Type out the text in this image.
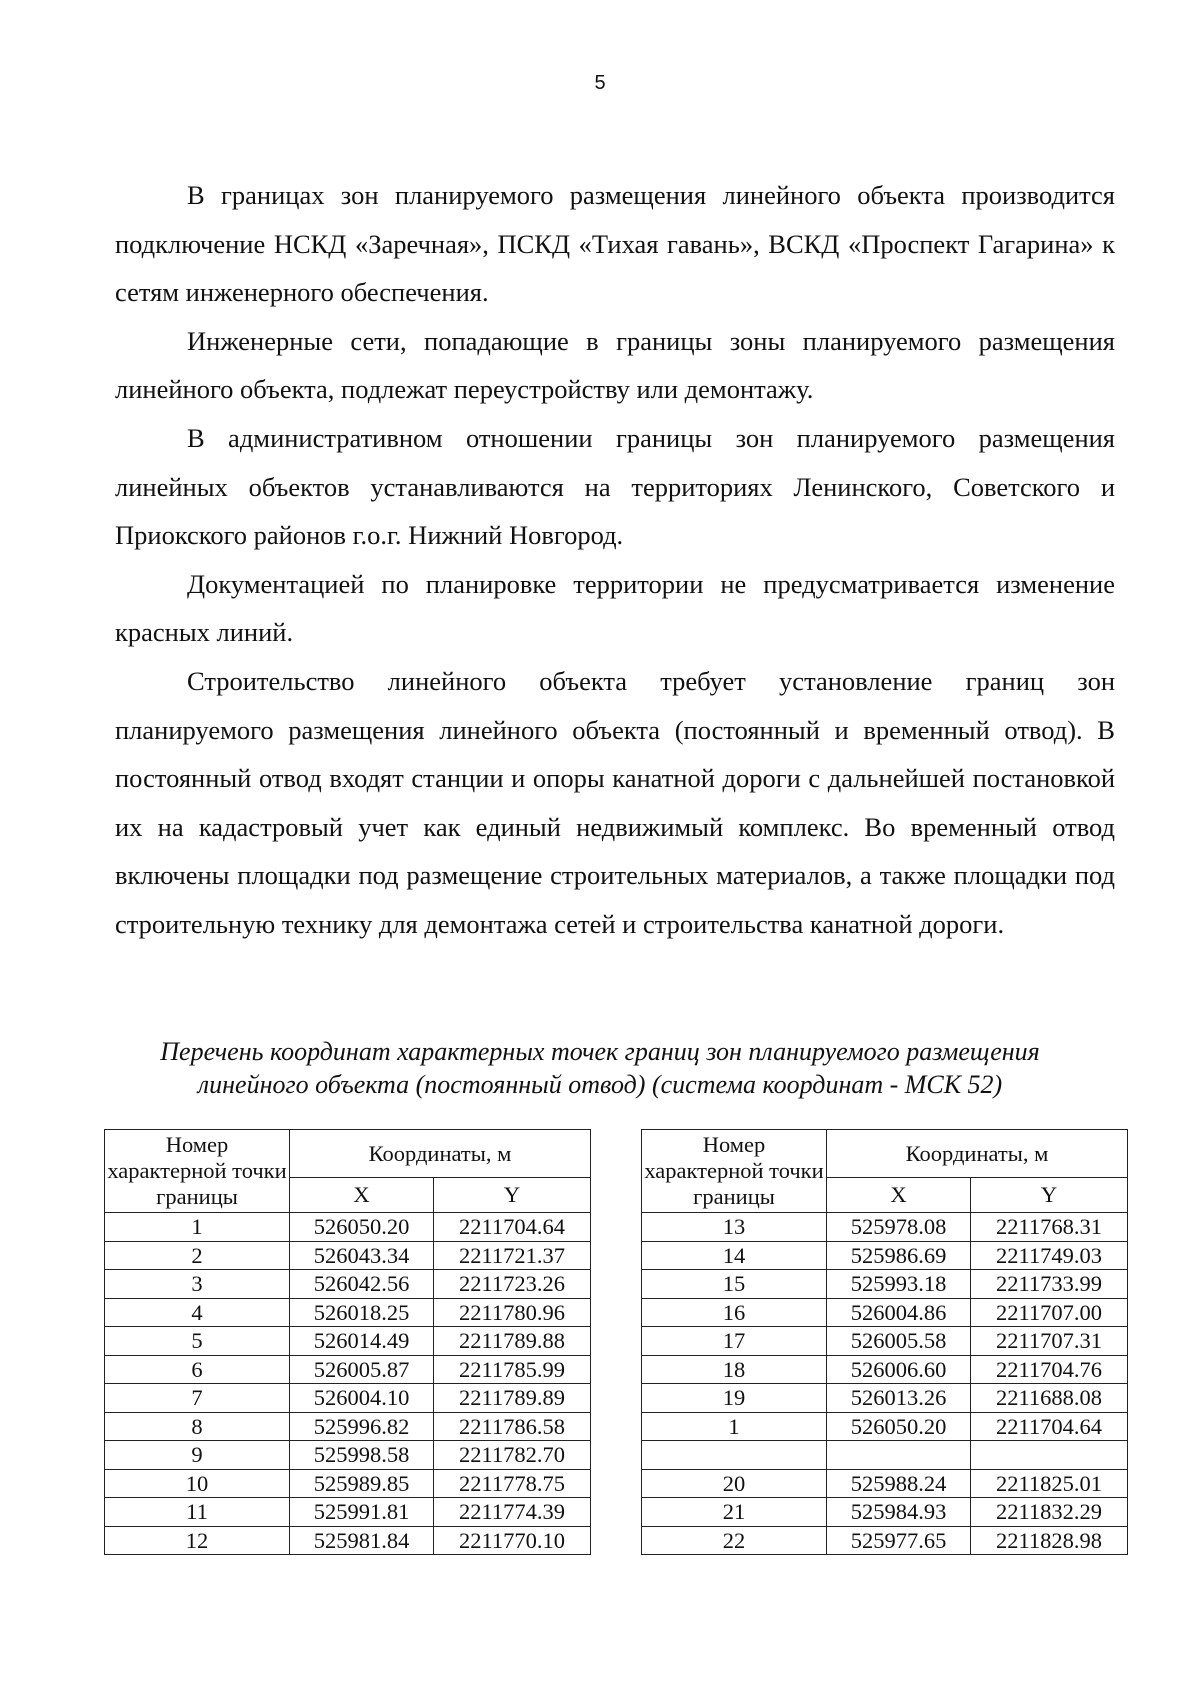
5

В границах зон планируемого размещения линейного объекта производится подключение НСКД «Заречная», ПСКД «Тихая гавань», ВСКД «Проспект Гагарина» к сетям инженерного обеспечения.

Инженерные сети, попадающие в границы зоны планируемого размещения линейного объекта, подлежат переустройству или демонтажу.

В административном отношении границы зон планируемого размещения линейных объектов устанавливаются на территориях Ленинского, Советского и Приокского районов г.о.г. Нижний Новгород.

Документацией по планировке территории не предусматривается изменение красных линий.

Строительство линейного объекта требует установление границ зон планируемого размещения линейного объекта (постоянный и временный отвод). В постоянный отвод входят станции и опоры канатной дороги с дальнейшей постановкой их на кадастровый учет как единый недвижимый комплекс. Во временный отвод включены площадки под размещение строительных материалов, а также площадки под строительную технику для демонтажа сетей и строительства канатной дороги.

Перечень координат характерных точек границ зон планируемого размещения
линейного объекта (постоянный отвод) (система координат - МСК 52)
Номер характерной точки границы	Координаты, м	
	X	Y
1	526050.20	2211704.64
2	526043.34	2211721.37
3	526042.56	2211723.26
4	526018.25	2211780.96
5	526014.49	2211789.88
6	526005.87	2211785.99
7	526004.10	2211789.89
8	525996.82	2211786.58
9	525998.58	2211782.70
10	525989.85	2211778.75
11	525991.81	2211774.39
12	525981.84	2211770.10
Номер характерной точки границы	Координаты, м	
	X	Y
13	525978.08	2211768.31
14	525986.69	2211749.03
15	525993.18	2211733.99
16	526004.86	2211707.00
17	526005.58	2211707.31
18	526006.60	2211704.76
19	526013.26	2211688.08
1	526050.20	2211704.64

20	525988.24	2211825.01
21	525984.93	2211832.29
22	525977.65	2211828.98
